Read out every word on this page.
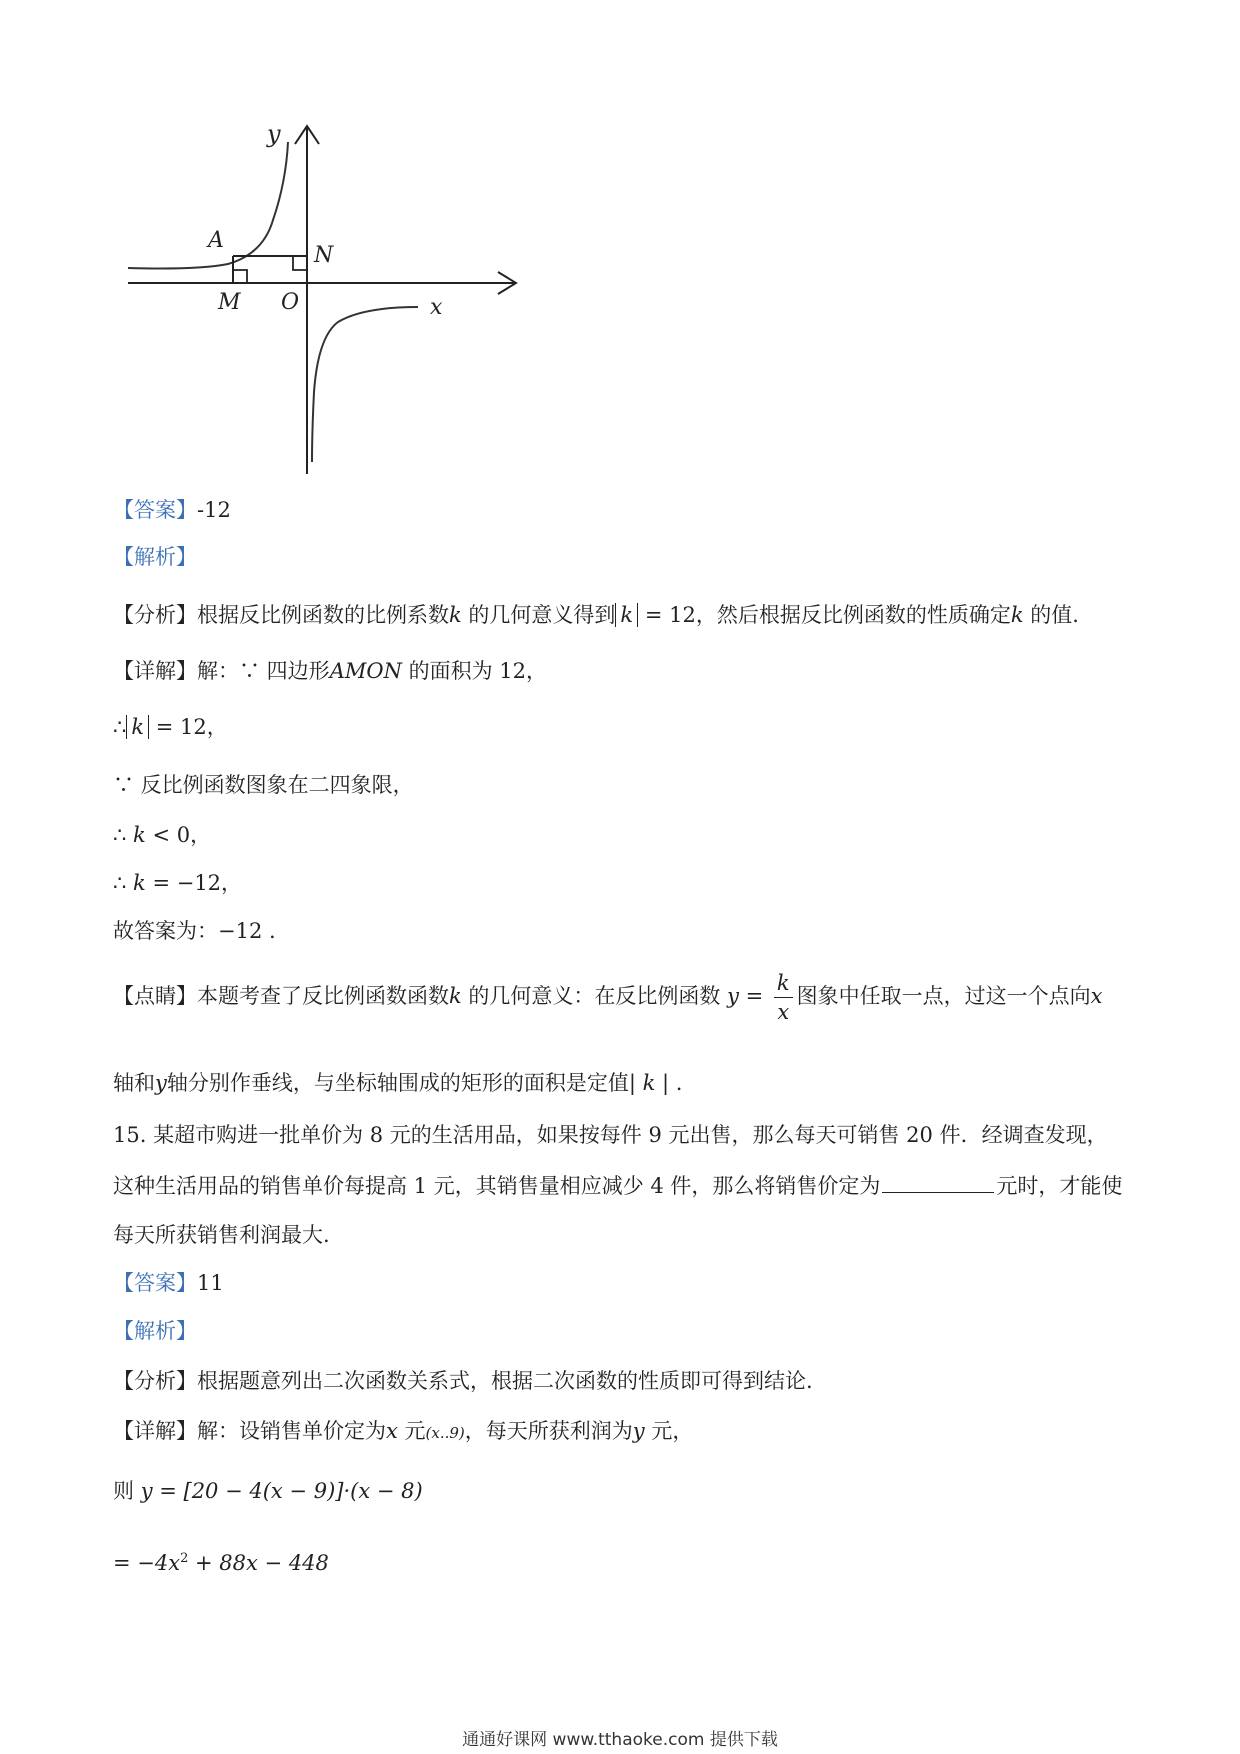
y
x
A
N
M O
【答案】-12
【解析】
【分析】根据反比例函数的比例系数k 的几何意义得到 k = 12，然后根据反比例函数的性质确定k 的值.
【详解】解：∵ 四边形AMON 的面积为 12，
∴ k = 12，
∵ 反比例函数图象在二四象限，
∴ k < 0，
∴ k = −12，
故答案为：−12 .
【点睛】本题考查了反比例函数函数k 的几何意义：在反比例函数 $y = \frac{k}{x}$ 图象中任取一点，过这一个点向x
轴和y轴分别作垂线，与坐标轴围成的矩形的面积是定值| k | .
15. 某超市购进一批单价为 8 元的生活用品，如果按每件 9 元出售，那么每天可销售 20 件．经调查发现，
这种生活用品的销售单价每提高 1 元，其销售量相应减少 4 件，那么将销售价定为	元时，才能使
每天所获销售利润最大.
【答案】11
【解析】
【分析】根据题意列出二次函数关系式，根据二次函数的性质即可得到结论.
【详解】解：设销售单价定为x 元(x..9)，每天所获利润为y 元，
则 y = [20 − 4(x − 9)]·(x − 8)
= $-4x^2 + 88x - 448$
通通好课网 www.tthaoke.com 提供下载
